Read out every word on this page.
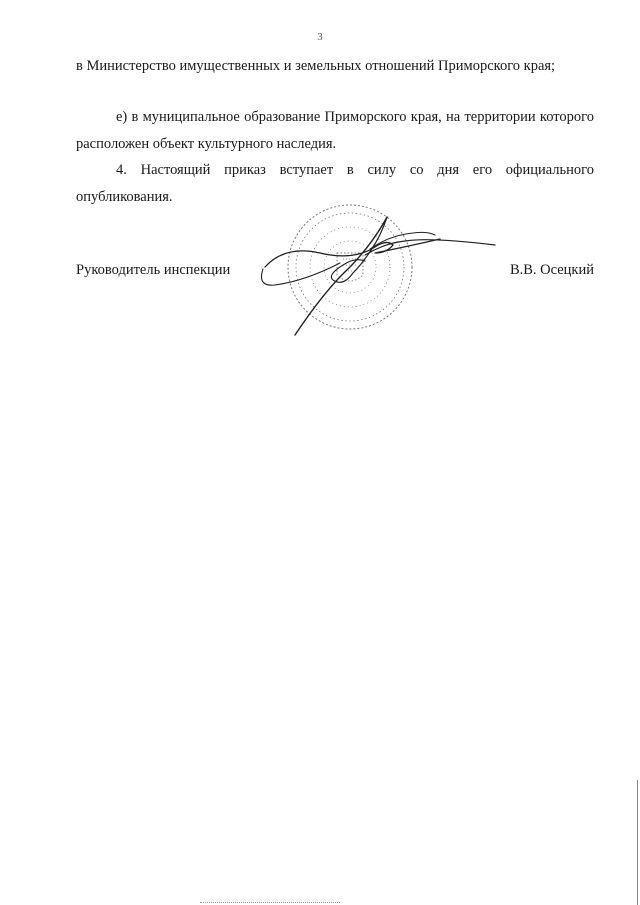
3

в Министерство имущественных и земельных отношений Приморского края;

е) в муниципальное образование Приморского края, на территории которого расположен объект культурного наследия.

4. Настоящий приказ вступает в силу со дня его официального опубликования.

Руководитель инспекции	В.В. Осецкий
